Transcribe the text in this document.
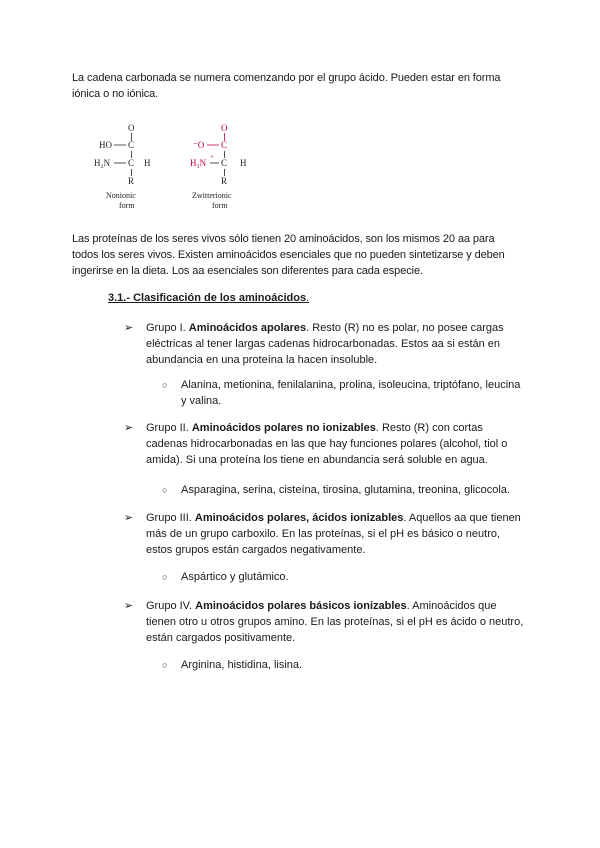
La cadena carbonada se numera comenzando por el grupo ácido. Pueden estar en forma
iónica o no iónica.
O
HO C
H₂N C H
R
Nonionic
form
O
⁻O C
H₃N
+
C H
R
Zwitterionic
form
Las proteínas de los seres vivos sólo tienen 20 aminoácidos, son los mismos 20 aa para
todos los seres vivos. Existen aminoácidos esenciales que no pueden sintetizarse y deben
ingerirse en la dieta. Los aa esenciales son diferentes para cada especie.
3.1.- Clasificación de los aminoácidos.
➢	Grupo I. Aminoácidos apolares. Resto (R) no es polar, no posee cargas
eléctricas al tener largas cadenas hidrocarbonadas. Estos aa si están en
abundancia en una proteína la hacen insoluble.
○ Alanina, metionina, fenilalanina, prolina, isoleucina, triptófano, leucina
y valina.
➢	Grupo II. Aminoácidos polares no ionizables. Resto (R) con cortas
cadenas hidrocarbonadas en las que hay funciones polares (alcohol, tiol o
amida). Si una proteína los tiene en abundancia será soluble en agua.
○ Asparagina, serina, cisteína, tirosina, glutamina, treonina, glicocola.
➢	Grupo III. Aminoácidos polares, ácidos ionizables. Aquellos aa que tienen
más de un grupo carboxilo. En las proteínas, si el pH es básico o neutro,
estos grupos están cargados negativamente.
○ Aspártico y glutámico.
➢	Grupo IV. Aminoácidos polares básicos ionizables. Aminoácidos que
tienen otro u otros grupos amino. En las proteínas, si el pH es ácido o neutro,
están cargados positivamente.
○ Arginina, histidina, lisina.
